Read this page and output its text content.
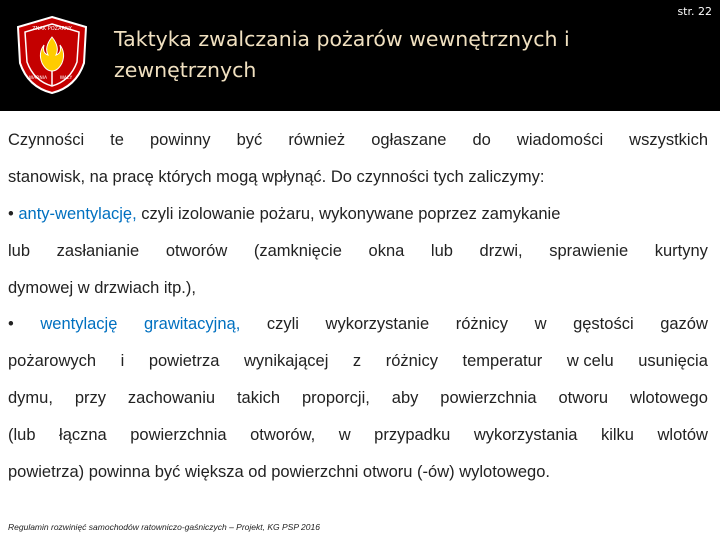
ZNAK POŻARNY
WARNIA	WAŁY
Taktyka zwalczania pożarów wewnętrznych i
zewnętrznych
str. 22
Czynności te powinny być również ogłaszane do wiadomości wszystkich
stanowisk, na pracę których mogą wpłynąć. Do czynności tych zaliczymy:
• anty-wentylację, czyli izolowanie pożaru, wykonywane poprzez zamykanie
lub zasłanianie otworów (zamknięcie okna lub drzwi, sprawienie kurtyny
dymowej w drzwiach itp.),
• wentylację grawitacyjną, czyli wykorzystanie różnicy w gęstości gazów
pożarowych i powietrza wynikającej z różnicy temperatur w celu usunięcia
dymu, przy zachowaniu takich proporcji, aby powierzchnia otworu wlotowego
(lub łączna powierzchnia otworów, w przypadku wykorzystania kilku wlotów
powietrza) powinna być większa od powierzchni otworu (-ów) wylotowego.
Regulamin rozwinięć samochodów ratowniczo-gaśniczych – Projekt, KG PSP 2016
